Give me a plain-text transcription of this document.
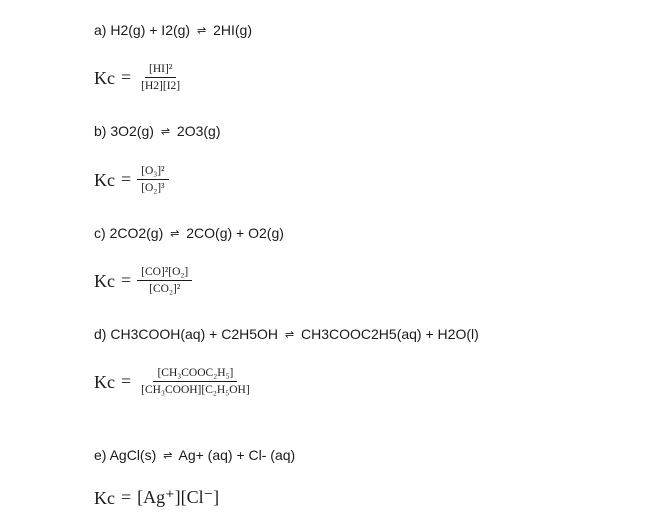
a) H2(g) + I2(g) ⇌ 2HI(g)
$Kc = \frac{\text{[HI]²}}{[H2][I2]}$
b) 3O2(g) ⇌ 2O3(g)
$Kc = \frac{\text{[O₃]²}}{\text{[O₂]³}}$
c) 2CO2(g) ⇌ 2CO(g) + O2(g)
$Kc = \frac{\text{[CO]²[O₂]}}{\text{[CO₂]²}}$
d) CH3COOH(aq) + C2H5OH ⇌ CH3COOC2H5(aq) + H2O(l)
$Kc = \frac{\text{[CH₃COOC₂H₅]}}{\text{[CH₃COOH][C₂H₅OH]}}$
e) AgCl(s) ⇌ Ag+ (aq) + Cl- (aq)
Kc = [Ag⁺][Cl⁻]
